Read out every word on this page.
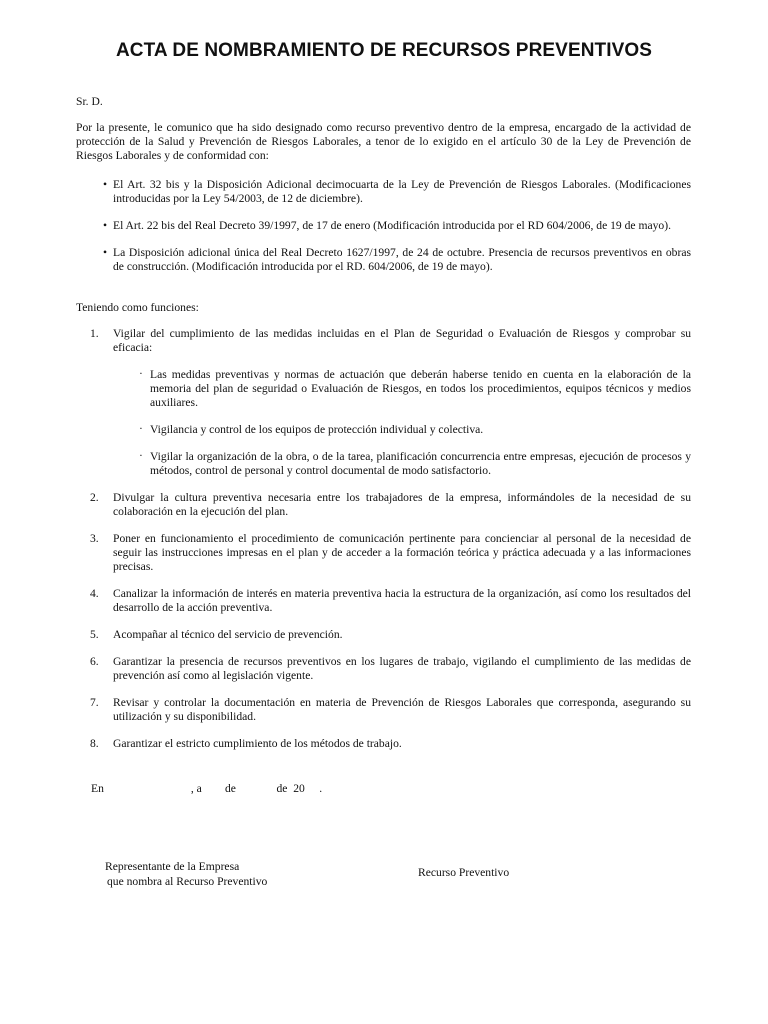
ACTA DE NOMBRAMIENTO DE RECURSOS PREVENTIVOS
Sr. D.

Por la presente, le comunico que ha sido designado como recurso preventivo dentro de la empresa, encargado de la actividad de protección de la Salud y Prevención de Riesgos Laborales, a tenor de lo exigido en el artículo 30 de la Ley de Prevención de Riesgos Laborales y de conformidad con:

• El Art. 32 bis y la Disposición Adicional decimocuarta de la Ley de Prevención de Riesgos Laborales. (Modificaciones introducidas por la Ley 54/2003, de 12 de diciembre).
• El Art. 22 bis del Real Decreto 39/1997, de 17 de enero (Modificación introducida por el RD 604/2006, de 19 de mayo).
• La Disposición adicional única del Real Decreto 1627/1997, de 24 de octubre. Presencia de recursos preventivos en obras de construcción. (Modificación introducida por el RD. 604/2006, de 19 de mayo).
Teniendo como funciones:
1. Vigilar del cumplimiento de las medidas incluidas en el Plan de Seguridad o Evaluación de Riesgos y comprobar su eficacia:
· Las medidas preventivas y normas de actuación que deberán haberse tenido en cuenta en la elaboración de la memoria del plan de seguridad o Evaluación de Riesgos, en todos los procedimientos, equipos técnicos y medios auxiliares.
· Vigilancia y control de los equipos de protección individual y colectiva.
· Vigilar la organización de la obra, o de la tarea, planificación concurrencia entre empresas, ejecución de procesos y métodos, control de personal y control documental de modo satisfactorio.
2. Divulgar la cultura preventiva necesaria entre los trabajadores de la empresa, informándoles de la necesidad de su colaboración en la ejecución del plan.
3. Poner en funcionamiento el procedimiento de comunicación pertinente para concienciar al personal de la necesidad de seguir las instrucciones impresas en el plan y de acceder a la formación teórica y práctica adecuada y a las informaciones precisas.
4. Canalizar la información de interés en materia preventiva hacia la estructura de la organización, así como los resultados del desarrollo de la acción preventiva.
5. Acompañar al técnico del servicio de prevención.
6. Garantizar la presencia de recursos preventivos en los lugares de trabajo, vigilando el cumplimiento de las medidas de prevención así como al legislación vigente.
7. Revisar y controlar la documentación en materia de Prevención de Riesgos Laborales que corresponda, asegurando su utilización y su disponibilidad.
8. Garantizar el estricto cumplimiento de los métodos de trabajo.
En                              , a        de              de  20     .
Representante de la Empresa
que nombra al Recurso Preventivo
Recurso Preventivo
